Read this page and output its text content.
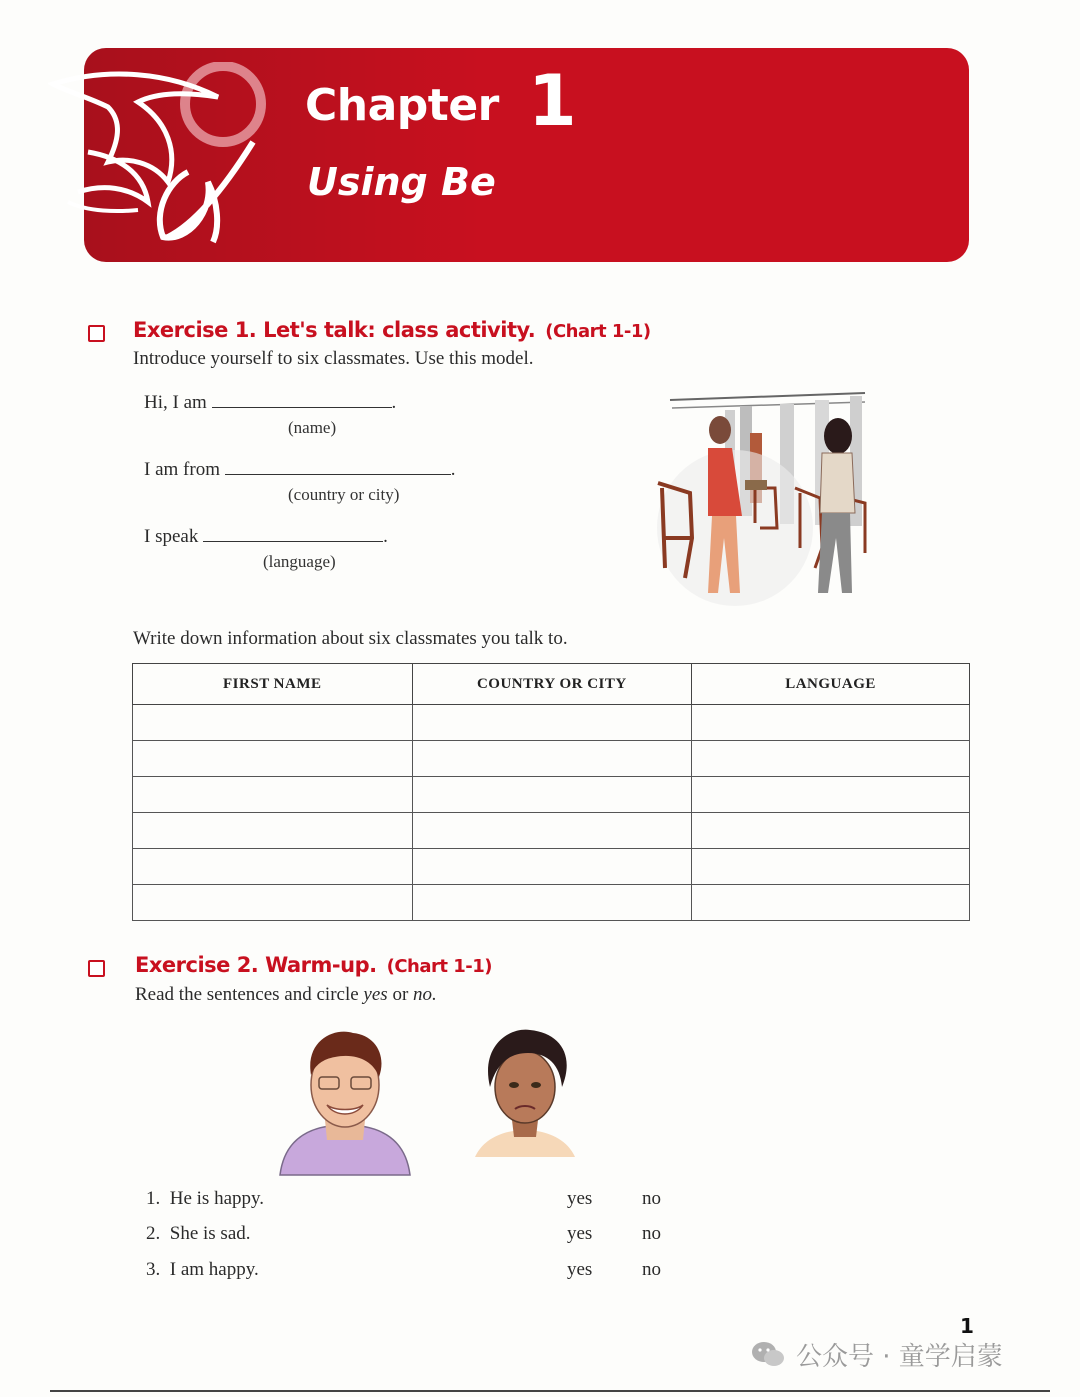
Chapter 1
Using Be
Exercise 1. Let's talk: class activity. (Chart 1-1)
Introduce yourself to six classmates. Use this model.
Hi, I am	.
(name)
I am from	.
(country or city)
I speak	.
(language)
Write down information about six classmates you talk to.
FIRST NAME	COUNTRY OR CITY	LANGUAGE

Exercise 2. Warm-up. (Chart 1-1)
Read the sentences and circle yes or no.
1. He is happy.	yes	no
2. She is sad.	yes	no
3. I am happy.	yes	no
1
公众号 · 童学启蒙
